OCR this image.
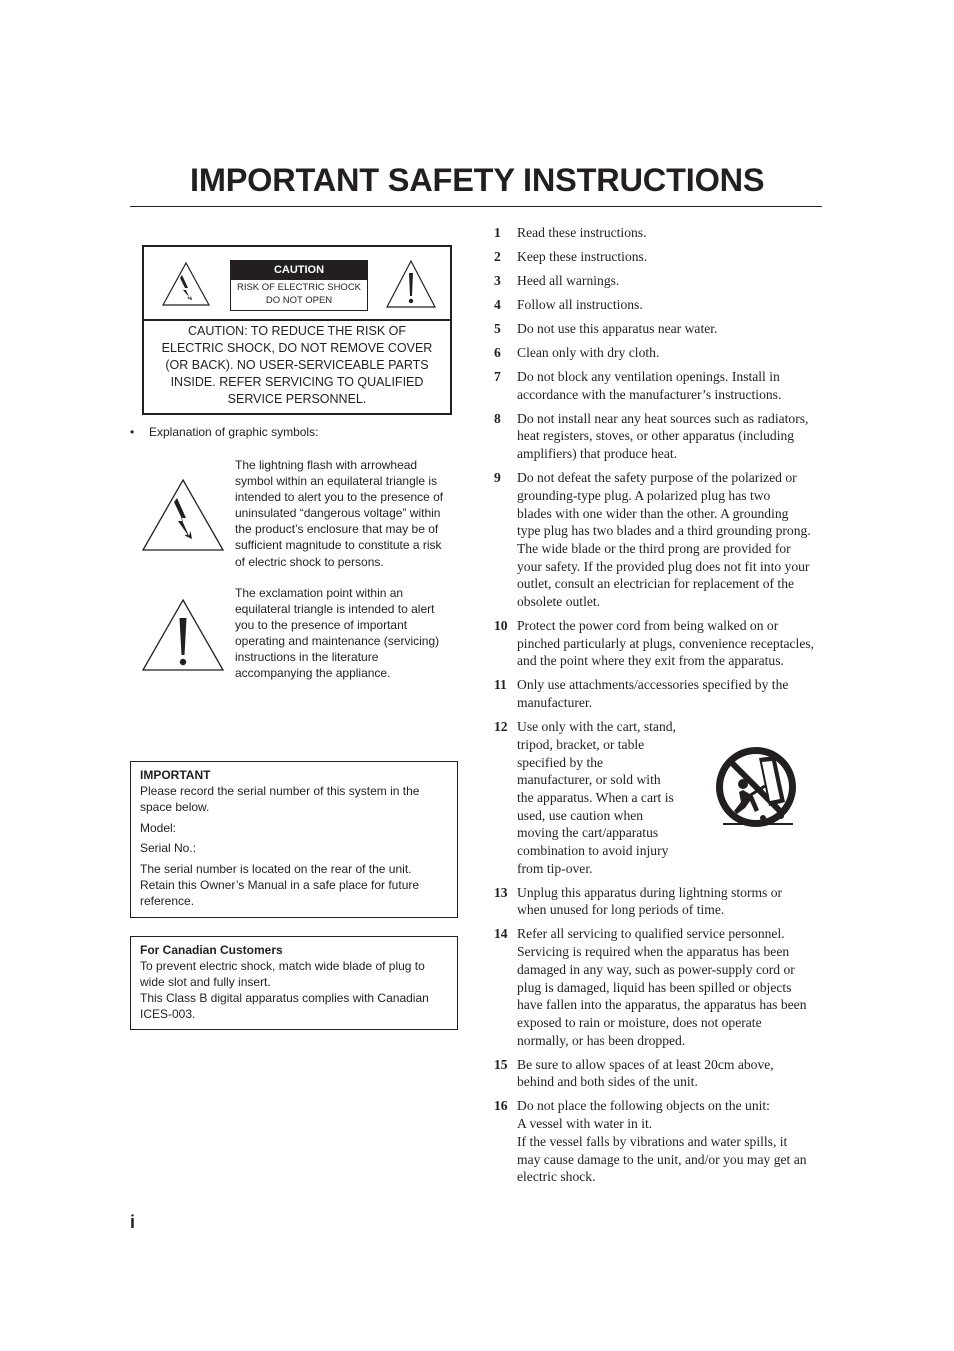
IMPORTANT SAFETY INSTRUCTIONS
CAUTION
RISK OF ELECTRIC SHOCK
DO NOT OPEN
CAUTION: TO REDUCE THE RISK OF
ELECTRIC SHOCK, DO NOT REMOVE COVER
(OR BACK). NO USER-SERVICEABLE PARTS
INSIDE. REFER SERVICING TO QUALIFIED
SERVICE PERSONNEL.
• Explanation of graphic symbols:
The lightning flash with arrowhead
symbol within an equilateral triangle is
intended to alert you to the presence of
uninsulated “dangerous voltage” within
the product’s enclosure that may be of
sufficient magnitude to constitute a risk
of electric shock to persons.
The exclamation point within an
equilateral triangle is intended to alert
you to the presence of important
operating and maintenance (servicing)
instructions in the literature
accompanying the appliance.

IMPORTANT

Please record the serial number of this system in the

space below.

Model:

Serial No.:

The serial number is located on the rear of the unit.

Retain this Owner’s Manual in a safe place for future

reference.

For Canadian Customers

To prevent electric shock, match wide blade of plug to

wide slot and fully insert.

This Class B digital apparatus complies with Canadian

ICES-003.

1 Read these instructions.
2 Keep these instructions.
3 Heed all warnings.
4 Follow all instructions.
5 Do not use this apparatus near water.
6 Clean only with dry cloth.
7 Do not block any ventilation openings. Install in
accordance with the manufacturer’s instructions.
8 Do not install near any heat sources such as radiators,
heat registers, stoves, or other apparatus (including
amplifiers) that produce heat.
9 Do not defeat the safety purpose of the polarized or
grounding-type plug. A polarized plug has two
blades with one wider than the other. A grounding
type plug has two blades and a third grounding prong.
The wide blade or the third prong are provided for
your safety. If the provided plug does not fit into your
outlet, consult an electrician for replacement of the
obsolete outlet.
10 Protect the power cord from being walked on or
pinched particularly at plugs, convenience receptacles,
and the point where they exit from the apparatus.
11 Only use attachments/accessories specified by the
manufacturer.
12 Use only with the cart, stand,
tripod, bracket, or table
specified by the
manufacturer, or sold with
the apparatus. When a cart is
used, use caution when
moving the cart/apparatus
combination to avoid injury
from tip-over.
13 Unplug this apparatus during lightning storms or
when unused for long periods of time.
14 Refer all servicing to qualified service personnel.
Servicing is required when the apparatus has been
damaged in any way, such as power-supply cord or
plug is damaged, liquid has been spilled or objects
have fallen into the apparatus, the apparatus has been
exposed to rain or moisture, does not operate
normally, or has been dropped.
15 Be sure to allow spaces of at least 20cm above,
behind and both sides of the unit.
16 Do not place the following objects on the unit:
A vessel with water in it.
If the vessel falls by vibrations and water spills, it
may cause damage to the unit, and/or you may get an
electric shock.
i
